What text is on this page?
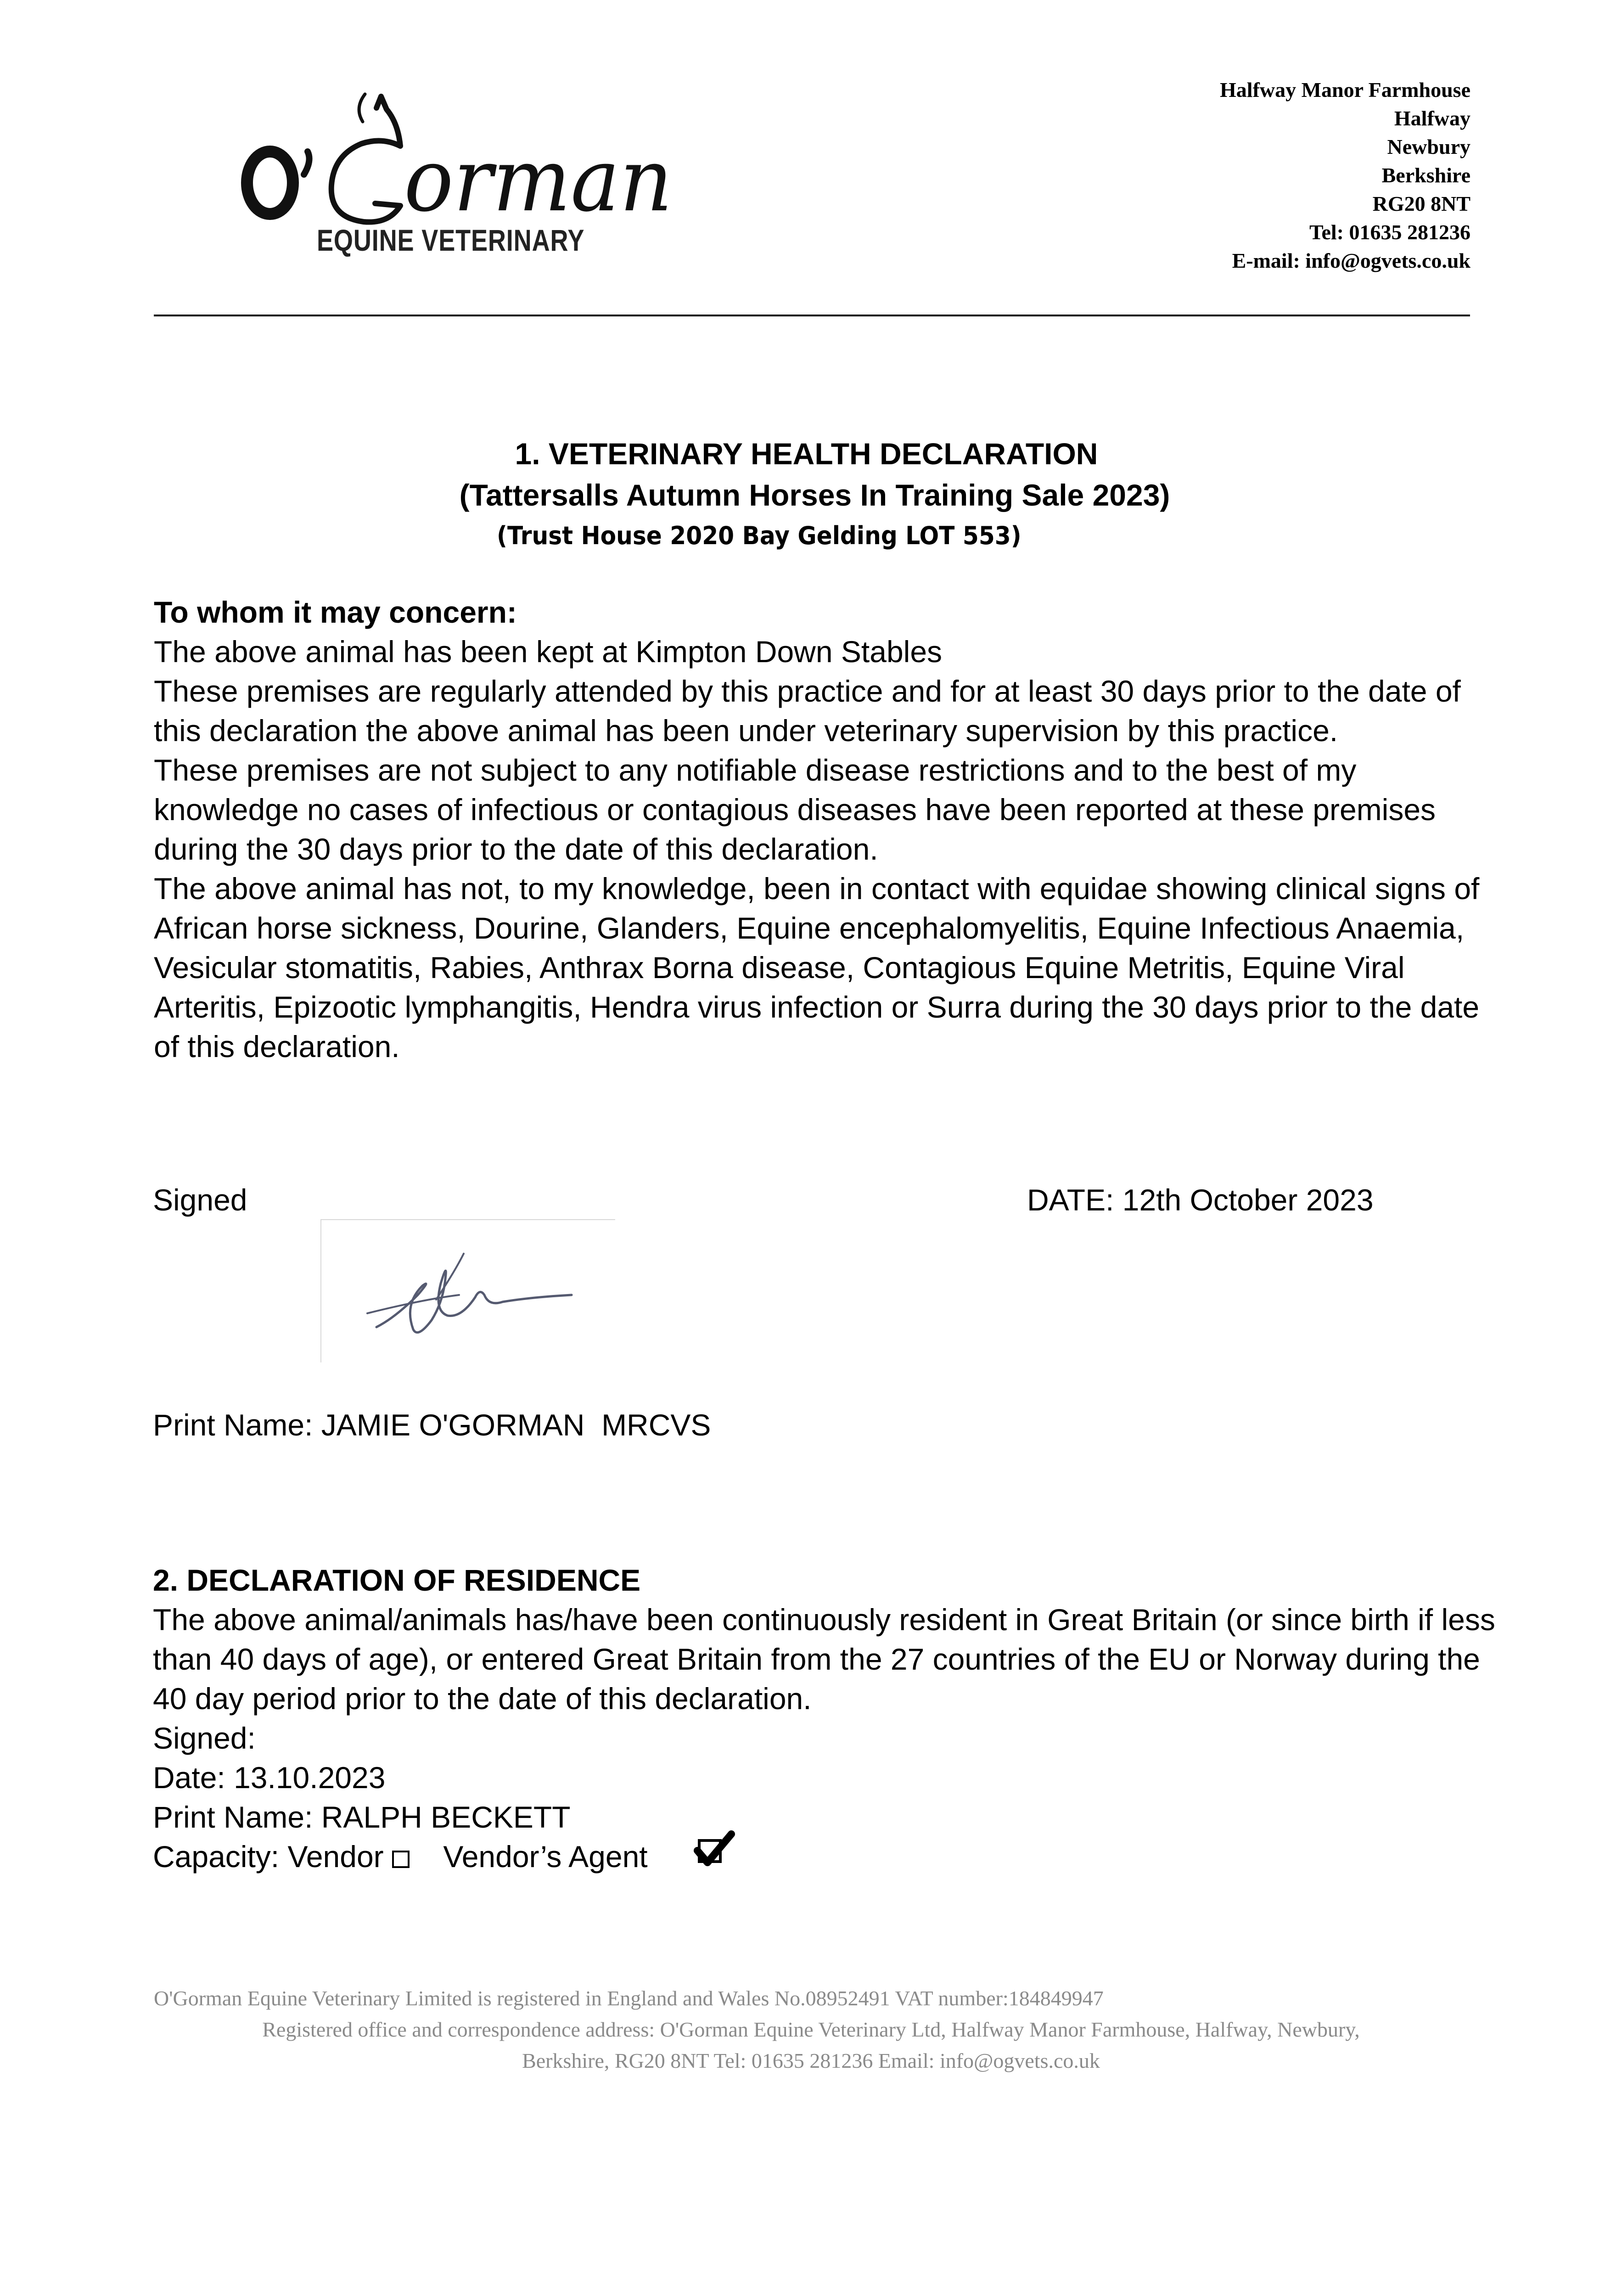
orman
EQUINE VETERINARY
Halfway Manor Farmhouse
Halfway
Newbury
Berkshire
RG20 8NT
Tel: 01635 281236
E-mail: info@ogvets.co.uk
1. VETERINARY HEALTH DECLARATION
(Tattersalls Autumn Horses In Training Sale 2023)
(Trust House 2020 Bay Gelding LOT 553)

To whom it may concern:

The above animal has been kept at Kimpton Down Stables

These premises are regularly attended by this practice and for at least 30 days prior to the date of this declaration the above animal has been under veterinary supervision by this practice.

These premises are not subject to any notifiable disease restrictions and to the best of my knowledge no cases of infectious or contagious diseases have been reported at these premises during the 30 days prior to the date of this declaration.

The above animal has not, to my knowledge, been in contact with equidae showing clinical signs of African horse sickness, Dourine, Glanders, Equine encephalomyelitis, Equine Infectious Anaemia, Vesicular stomatitis, Rabies, Anthrax Borna disease, Contagious Equine Metritis, Equine Viral Arteritis, Epizootic lymphangitis, Hendra virus infection or Surra during the 30 days prior to the date of this declaration.

Signed	DATE: 12th October 2023
Print Name: JAMIE O'GORMAN  MRCVS

2. DECLARATION OF RESIDENCE

The above animal/animals has/have been continuously resident in Great Britain (or since birth if less than 40 days of age), or entered Great Britain from the 27 countries of the EU or Norway during the 40 day period prior to the date of this declaration.

Signed:

Date: 13.10.2023

Print Name: RALPH BECKETT

Capacity: Vendor     Vendor’s Agent

O'Gorman Equine Veterinary Limited is registered in England and Wales No.08952491 VAT number:184849947
Registered office and correspondence address: O'Gorman Equine Veterinary Ltd, Halfway Manor Farmhouse, Halfway, Newbury,
Berkshire, RG20 8NT Tel: 01635 281236 Email: info@ogvets.co.uk
